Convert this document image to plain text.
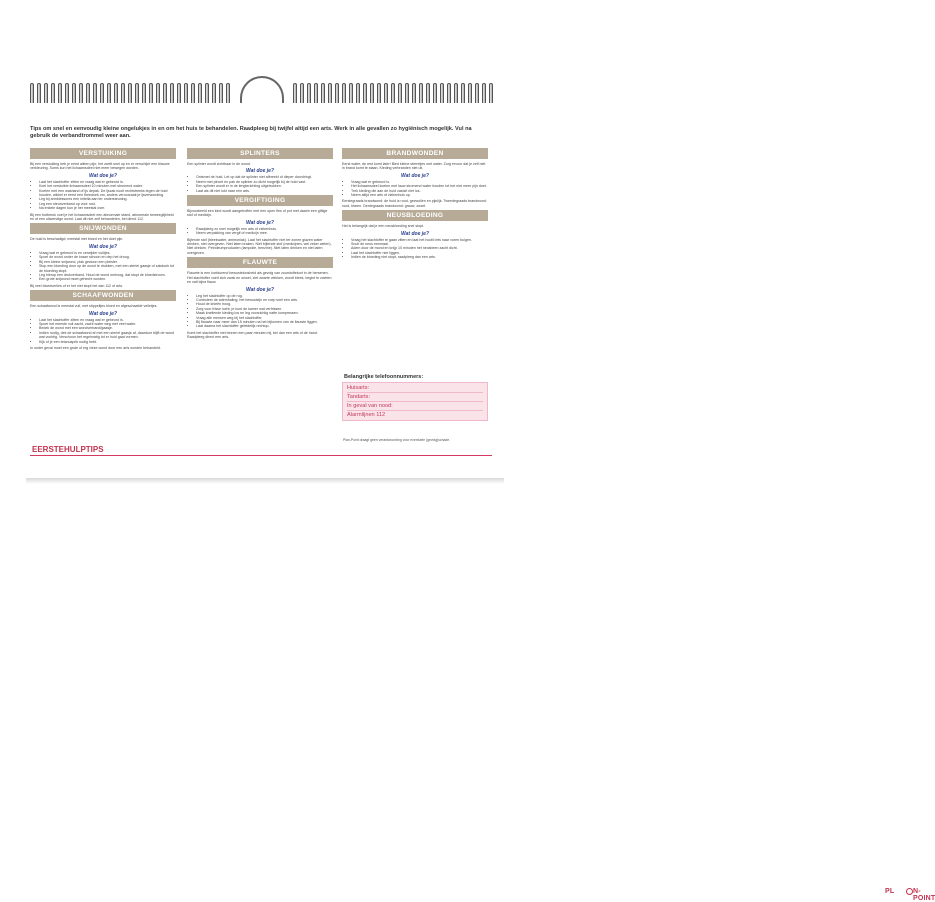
Tips om snel en eenvoudig kleine ongelukjes in en om het huis te behandelen. Raadpleeg bij twijfel altijd een arts. Werk in alle gevallen zo hygiënisch mogelijk. Vul na gebruik de verbandtrommel weer aan.
VERSTUIKING
Bij een verstuiking heb je eerst alleen pijn; het zwelt snel op en er verschijnt een blauwe verkleuring. Soms kun het lichaamsdeel niet meer bewegen worden.
Wat doe je?
• Laat het slachtoffer zitten en vraag wat er gebeurd is.
• Koel het verstuikte lichaamsdeel 10 minuten met stromend water.
• Koelen met een washand of ijs depak. De ijszak nooit rechtstreeks tegen de huid houden, wikkel er eerst een theedoek om, anders veroorzaak je ijsverwonding.
• Leg bij armblessures een mitella aan ter ondersteuning.
• Leg een steunverband op voor rust.
• Na enkele dagen kun je het meestal over.
Bij een botbreuk voel je het lichaamsdeel een abnormale stand, abnormale beweeglijkheid en of een uitwendige wond. Laat dit niet zelf behandelen, bel direct 112.
SNIJWONDEN
De huid is beschadigd; meestal met bloed en het doet pijn.
Wat doe je?
• Vraag wat er gebeurd is en verwijder vuiltjes.
• Spoel de wond onder de kraan schoon en dep het droog.
• Bij een kleine snijwond, plak gewoon een pleister.
• Stop een bloeding door op de wond te drukken, met een steriel gaasje of zakdoek tot de bloeding stopt.
• Leg hierop een drukverband. Houd de wond omhoog, dat stopt de bloedstroom.
• Een grote snijwond moet gehecht worden.
Bij veel bloedverlies of er het niet stopt bel dan 112 of arts.
SCHAAFWONDEN
Een schaafwond is meestal vuil, met stippeltjes bloed en afgeschaafde velletjes.
Wat doe je?
• Laat het slachtoffer zitten en vraag wat er gebeurd is.
• Spoel het meeste vuil zacht, zacht water weg met veel water.
• Bedek de wond met een wondverband/gaasje.
• Indien nodig, dek de schaafwond af met een steriel gaasje af, daardoor blijft de wond wat vochtig. Verschoon het regelmatig tot er huid gaat vormen.
• Kijk of je een tetanusprik nodig hebt.
In onder geval moet een grote of erg vieze wond door een arts worden behandeld.
SPLINTERS
Een splinter wordt zichtbaar in de wond.
Wat doe je?
• Ontsmet de huid. Let op dat de splinter niet afbreekt of dieper doordringt.
• Neem met pincet en pak de splinter zo dicht mogelijk bij de huid vast.
• Een splinter wordt er in de lengterichting uitgetrokken.
• Laat als dit niet lukt naar een arts.
VERGIFTIGING
Bijvoorbeeld een kind wordt aangetroffen met een open fles of pot met daarin een giftige stof of medicijn.
Wat doe je?
• Raadpleeg zo snel mogelijk een arts of ziekenhuis.
• Neem verpakking van vergif of medicijn mee.
Bijtende stof (bleekwater, ammoniak). Laat het slachtoffer niet ter zonee glazen water drinken, niet overgeven. Niet laten braken. Niet bijtende stof (medicijnen, wel zeker weten). Niet drinken. Petroleumproducten (lampolie, benzine). Niet laten drinken en niet laten overgeven.
FLAUWTE
Flauwte is een kortdurend bewusteloosheid als gevolg van zuurstoftekort in de hersenen. Het slachtoffer voelt zich zwak en onwel, ziet zwarte vlekken, wordt bleek, begint te zweten en valt bijna flauw.
Wat doe je?
• Leg het slachtoffer op de rug.
• Controleer de ademhaling; het bewustzijn en roep snel een arts.
• Houd de knieën hoog.
• Zorg voor frisse lucht; je kunt de kamer wat verfrissen.
• Maak knellende kleding los en leg voorzichtig natte kompressen.
• Vraag alle mensen weg bij het slachtoffer.
• Bij flauwte naar meer dan 15 minuten na het bijkomen van de flauwte liggen.
• Laat daarna het slachtoffer geleidelijk rechtop.
Komt het slachtoffer niet binnen een paar minuten bij, bel dan een arts of de hand. Raadpleeg direct een arts.
BRANDWONDEN
Eerst water, de rest komt later! Bied kleine sterretjes met water. Zorg ervoor dat je zelf niet in brand komt te staan. Kleding verbranden niet uit.
Wat doe je?
• Vraag wat er gebeurd is.
• Het lichaamsdeel koelen met lauw stromend water houden tot het niet meer pijn doet.
• Trek kleding die aan de huid vastzit niet los.
• Neem altijd een arts of ziekenhuis op.
Eerstegraads brandwond: de huid is rood, gezwollen en pijnlijk. Tweedegraads brandwond: rood, blaren. Derdegraads brandwond: grauw, zwart.
NEUSBLOEDING
Het is belangrijk dat je een neusbloeding snel stopt.
Wat doe je?
• Vraag het slachtoffer te gaan zitten en laat het hoofd iets naar voren buigen.
• Snuit de neus eenmaal.
• Adem door de mond en knijp 10 minuten het neusbeen zacht dicht.
• Laat het slachtoffer niet liggen.
• Indien de bloeding niet stopt, raadpleeg dan een arts.
Belangrijke telefoonnummers:
Huisarts:
Tandarts:
In geval van nood:
Alarmlijnen 112
Plan-Point draagt geen verantwoording voor eventuele (gevolg)schade.
EERSTEHULPTIPS
PL	N-POINT
